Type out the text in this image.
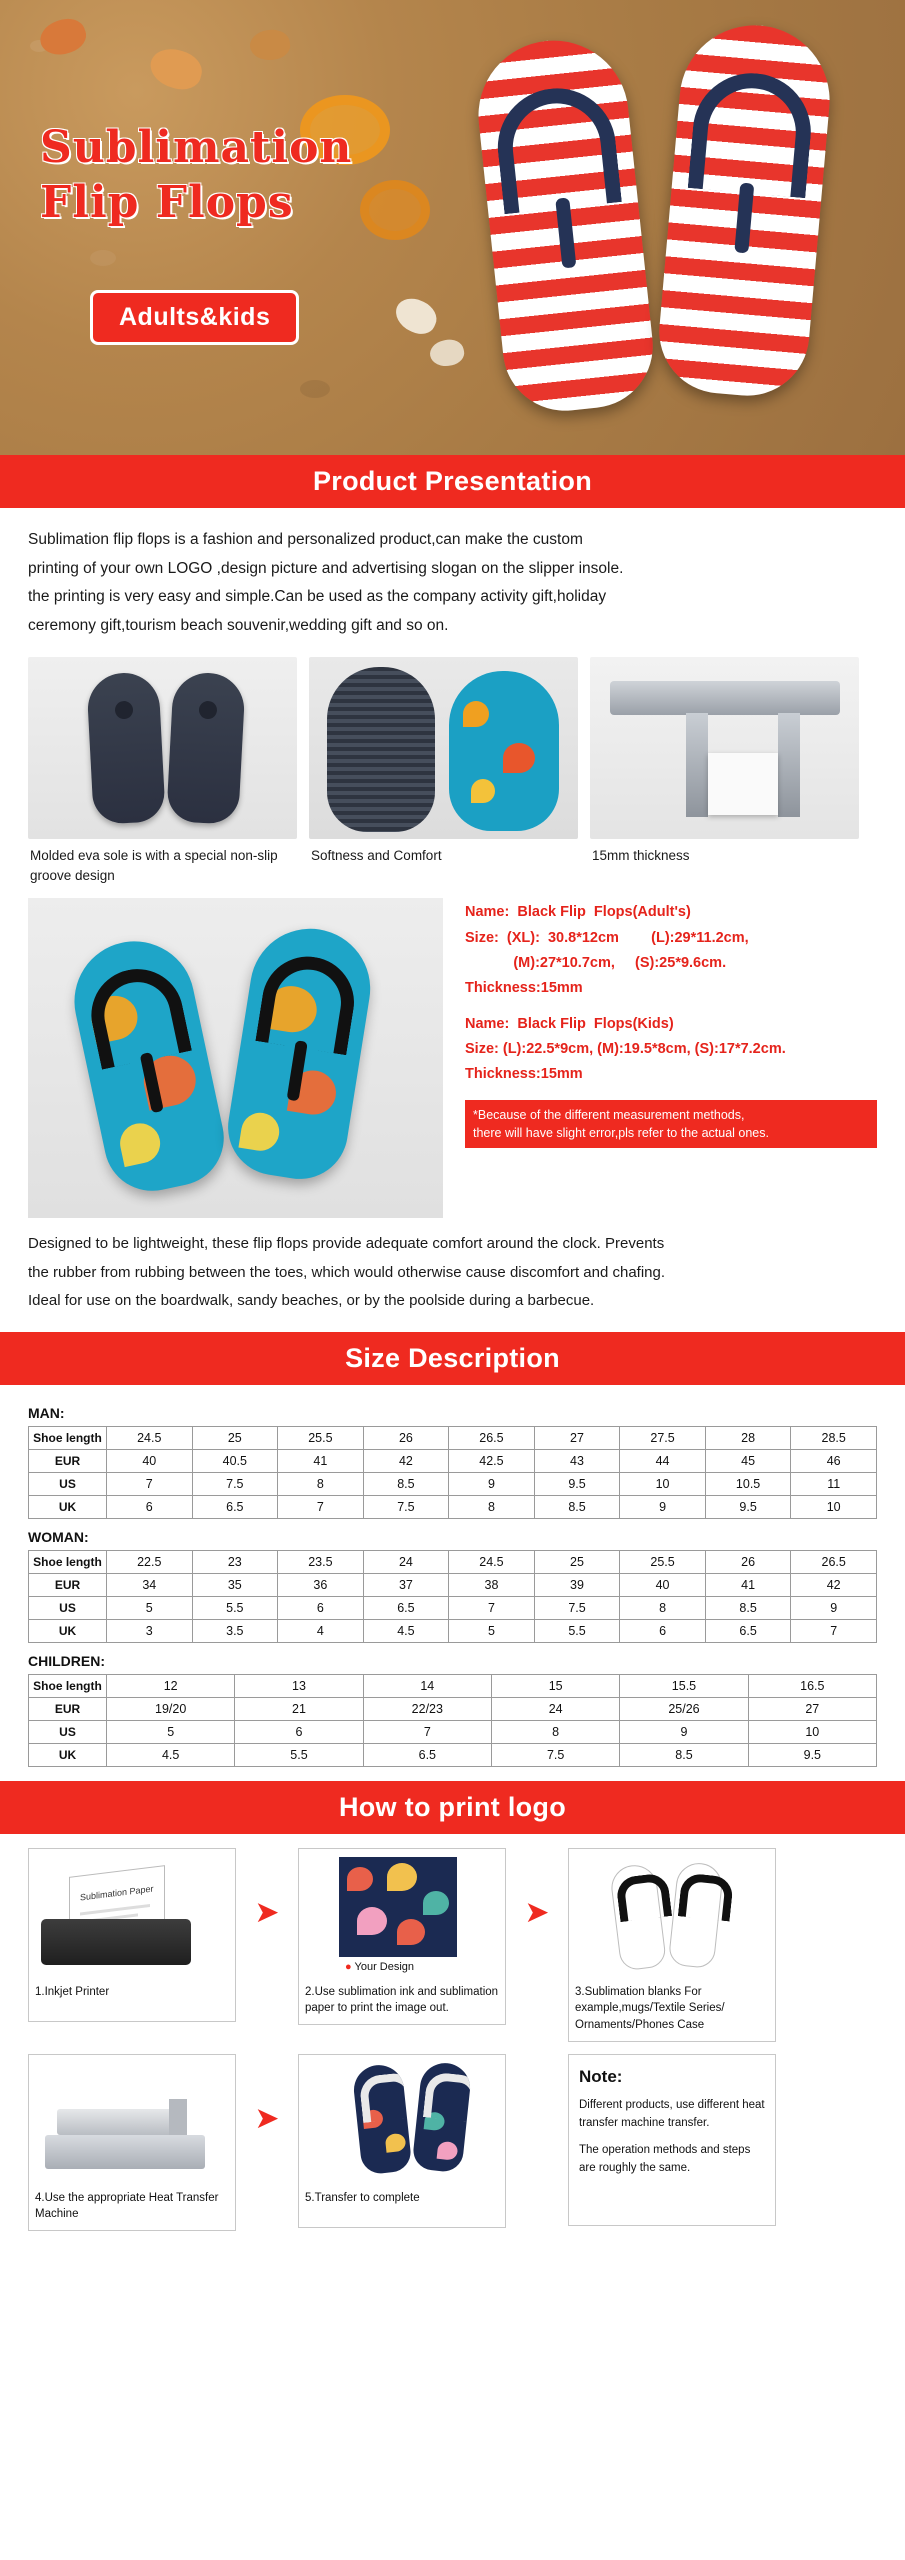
Sublimation
Flip Flops
Adults&kids
Product Presentation

Sublimation flip flops is a fashion and personalized product,can make the custom

printing of your own LOGO ,design picture and advertising slogan on the slipper insole.

the printing is very easy and simple.Can be used as the company activity gift,holiday

ceremony gift,tourism beach souvenir,wedding gift and so on.

Molded eva sole is with a special non-slip groove design
Softness and Comfort	15mm thickness
Name:  Black Flip  Flops(Adult's)
Size:  (XL):  30.8*12cm        (L):29*11.2cm,
(M):27*10.7cm,     (S):25*9.6cm.
Thickness:15mm
Name:  Black Flip  Flops(Kids)
Size: (L):22.5*9cm, (M):19.5*8cm, (S):17*7.2cm.
Thickness:15mm
*Because of the different measurement methods,
there will have slight error,pls refer to the actual ones.
Designed to be lightweight, these flip flops provide adequate comfort around the clock. Prevents
the rubber from rubbing between the toes, which would otherwise cause discomfort and chafing.
Ideal for use on the boardwalk, sandy beaches, or by the poolside during a barbecue.
Size Description
MAN:
Shoe length	24.5	25	25.5	26	26.5	27	27.5	28	28.5
EUR	40	40.5	41	42	42.5	43	44	45	46
US	7	7.5	8	8.5	9	9.5	10	10.5	11
UK	6	6.5	7	7.5	8	8.5	9	9.5	10
WOMAN:
Shoe length	22.5	23	23.5	24	24.5	25	25.5	26	26.5
EUR	34	35	36	37	38	39	40	41	42
US	5	5.5	6	6.5	7	7.5	8	8.5	9
UK	3	3.5	4	4.5	5	5.5	6	6.5	7
CHILDREN:
Shoe length	12	13	14	15	15.5	16.5
EUR	19/20	21	22/23	24	25/26	27
US	5	6	7	8	9	10
UK	4.5	5.5	6.5	7.5	8.5	9.5
How to print logo
Sublimation Paper
1.Inkjet Printer
➤
● Your Design
2.Use sublimation ink and sublimation paper to print the image out.
➤
3.Sublimation blanks For example,mugs/Textile Series/ Ornaments/Phones Case
4.Use the appropriate Heat Transfer Machine
➤
5.Transfer to complete
Note:
Different products, use different heat transfer machine transfer.
The operation methods and steps are roughly the same.
